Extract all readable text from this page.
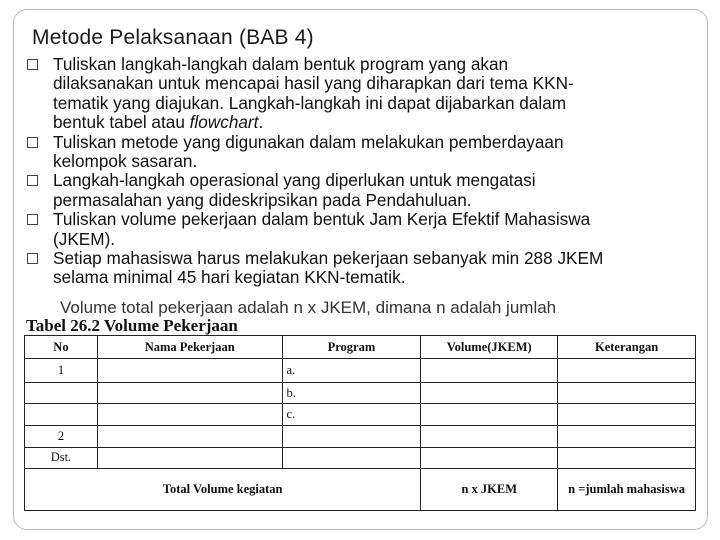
Metode Pelaksanaan (BAB 4)
Tuliskan langkah-langkah dalam bentuk program yang akan
dilaksanakan untuk mencapai hasil yang diharapkan dari tema KKN-
tematik yang diajukan. Langkah-langkah ini dapat dijabarkan dalam
bentuk tabel atau flowchart.
Tuliskan metode yang digunakan dalam melakukan pemberdayaan
kelompok sasaran.
Langkah-langkah operasional yang diperlukan untuk mengatasi
permasalahan yang dideskripsikan pada Pendahuluan.
Tuliskan volume pekerjaan dalam bentuk Jam Kerja Efektif Mahasiswa
(JKEM).
Setiap mahasiswa harus melakukan pekerjaan sebanyak min 288 JKEM
selama minimal 45 hari kegiatan KKN-tematik.
Volume total pekerjaan adalah n x JKEM, dimana n adalah jumlah
Tabel 26.2 Volume Pekerjaan
No	Nama Pekerjaan	Program	Volume(JKEM)	Keterangan
1		a.		
		b.		
		c.		
2				
Dst.				
Total Volume kegiatan			n x JKEM	n =jumlah mahasiswa
